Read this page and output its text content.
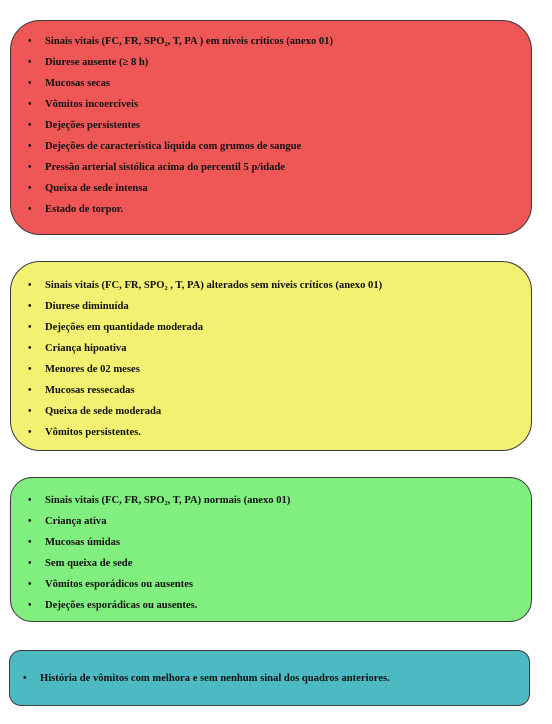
• Sinais vitais (FC, FR, SPO₂, T, PA ) em níveis críticos (anexo 01)
• Diurese ausente (≥ 8 h)
• Mucosas secas
• Vômitos incoercíveis
• Dejeções persistentes
• Dejeções de característica líquida com grumos de sangue
• Pressão arterial sistólica acima do percentil 5 p/idade
• Queixa de sede intensa
• Estado de torpor.
• Sinais vitais (FC, FR, SPO₂ , T, PA) alterados sem níveis críticos (anexo 01)
• Diurese diminuída
• Dejeções em quantidade moderada
• Criança hipoativa
• Menores de 02 meses
• Mucosas ressecadas
• Queixa de sede moderada
• Vômitos persistentes.
• Sinais vitais (FC, FR, SPO₂, T, PA) normais (anexo 01)
• Criança ativa
• Mucosas úmidas
• Sem queixa de sede
• Vômitos esporádicos ou ausentes
• Dejeções esporádicas ou ausentes.
• História de vômitos com melhora e sem nenhum sinal dos quadros anteriores.
